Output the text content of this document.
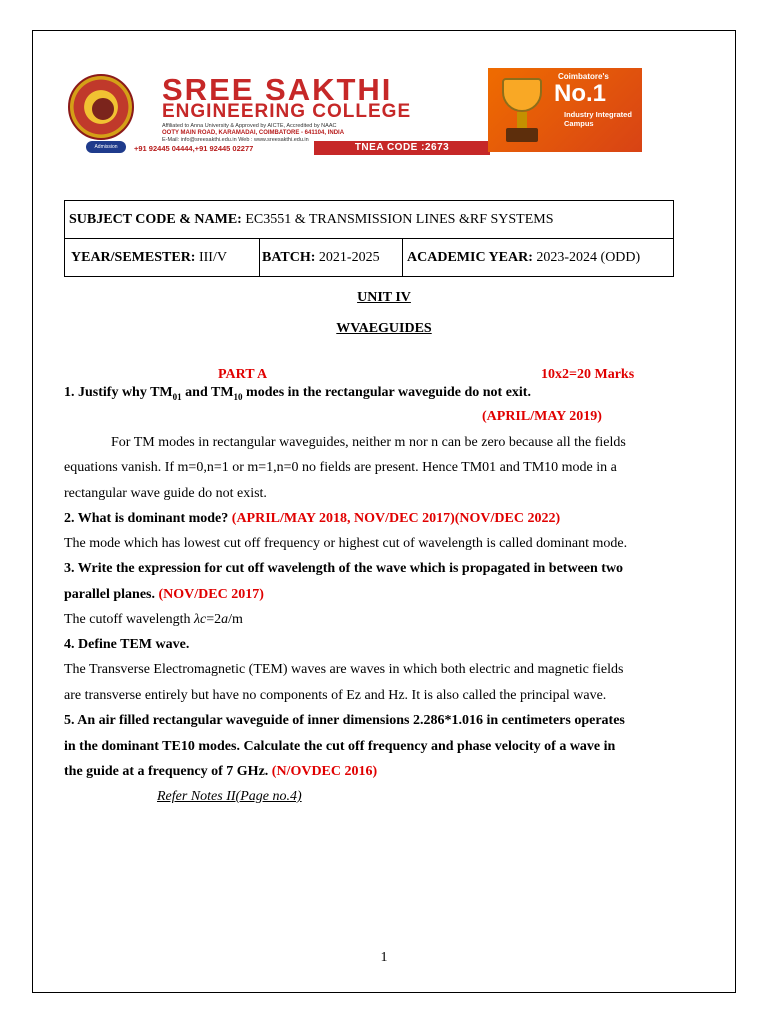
Admission Helpline
SREE SAKTHI
ENGINEERING COLLEGE
Affiliated to Anna University & Approved by AICTE, Accredited by NAAC
OOTY MAIN ROAD, KARAMADAI, COIMBATORE - 641104, INDIA
E-Mail: info@sreesakthi.edu.in Web : www.sreesakthi.edu.in
+91 92445 04444,+91 92445 02277	TNEA CODE :2673
Coimbatore's
No.1
Industry Integrated Campus
SUBJECT CODE & NAME: EC3551 & TRANSMISSION LINES &RF SYSTEMS
YEAR/SEMESTER: III/V	BATCH: 2021-2025	ACADEMIC YEAR: 2023-2024 (ODD)
UNIT IV
WVAEGUIDES
PART A	10x2=20 Marks
1. Justify why $TM_{01}$ and $TM_{10}$ modes in the rectangular waveguide do not exit.
(APRIL/MAY 2019)
For TM modes in rectangular waveguides, neither m nor n can be zero because all the fields
equations vanish. If m=0,n=1 or m=1,n=0 no fields are present. Hence TM01 and TM10 mode in a
rectangular wave guide do not exist.
2. What is dominant mode? (APRIL/MAY 2018, NOV/DEC 2017)(NOV/DEC 2022)
The mode which has lowest cut off frequency or highest cut of wavelength is called dominant mode.
3. Write the expression for cut off wavelength of the wave which is propagated in between two
parallel planes. (NOV/DEC 2017)
The cutoff wavelength λc=2a/m
4. Define TEM wave.
The Transverse Electromagnetic (TEM) waves are waves in which both electric and magnetic fields
are transverse entirely but have no components of Ez and Hz. It is also called the principal wave.
5. An air filled rectangular waveguide of inner dimensions 2.286*1.016 in centimeters operates
in the dominant TE10 modes. Calculate the cut off frequency and phase velocity of a wave in
the guide at a frequency of 7 GHz. (N/OVDEC 2016)
Refer Notes II(Page no.4)
1
